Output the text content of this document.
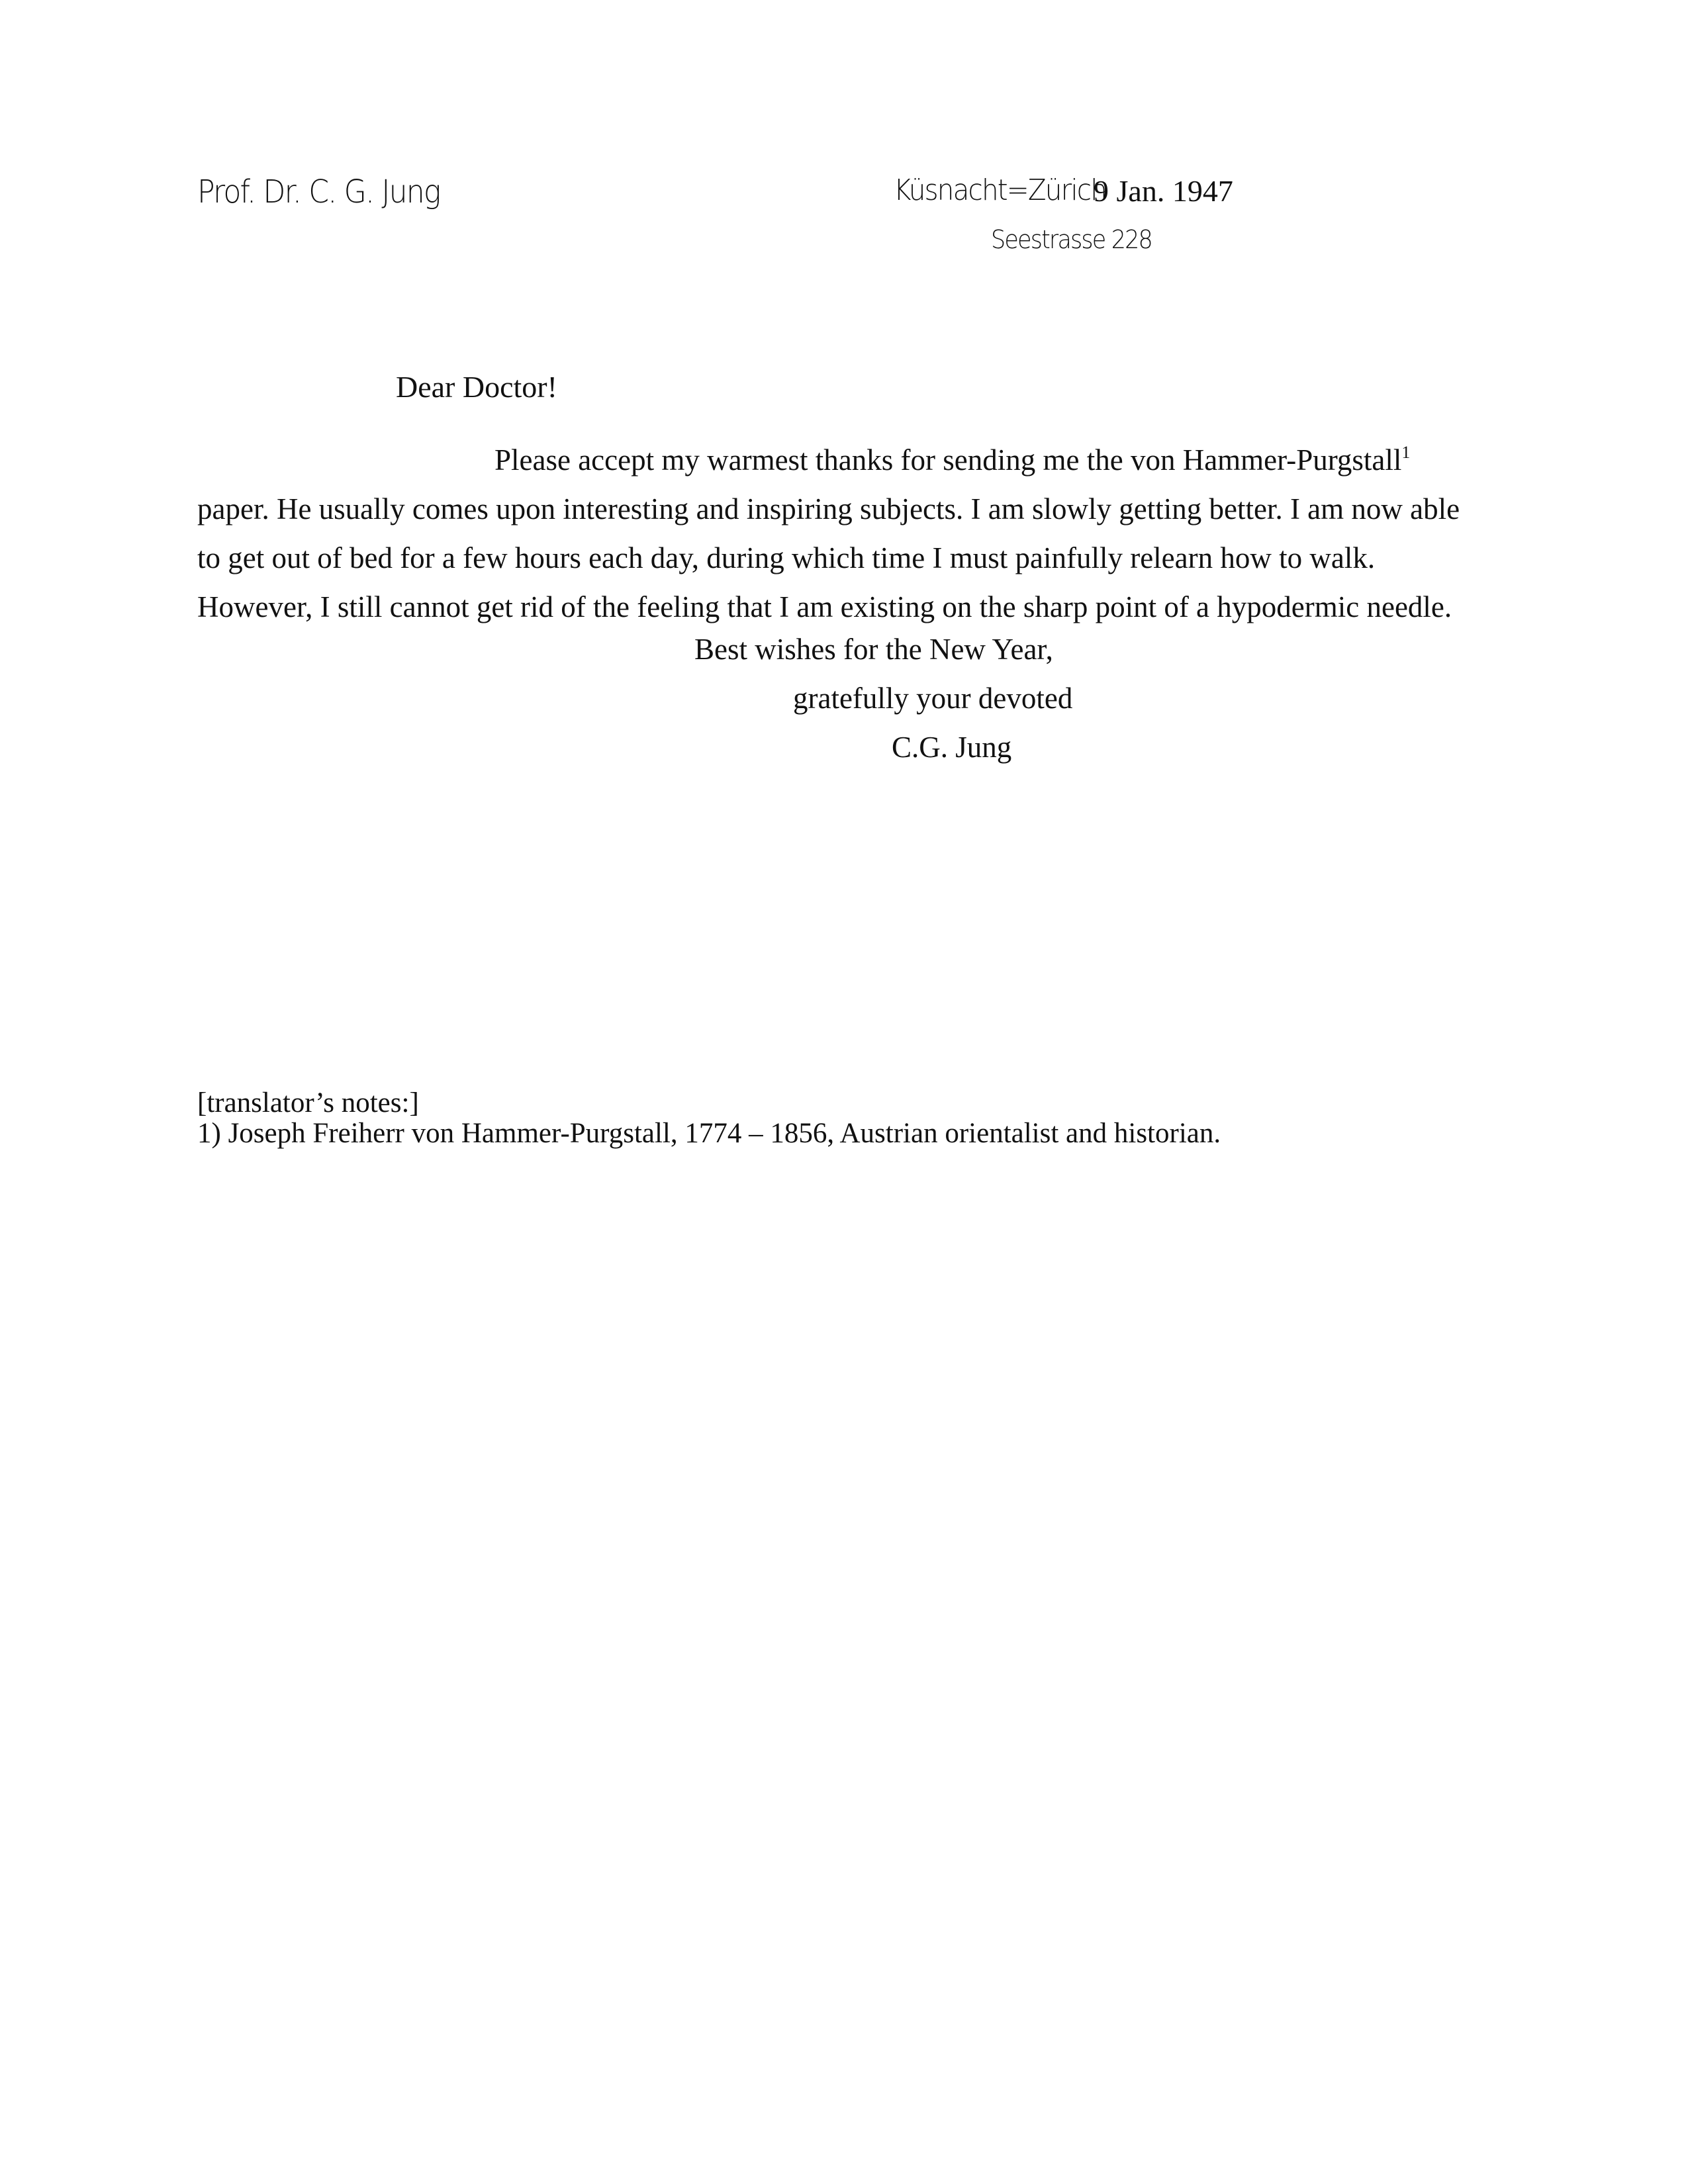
Prof. Dr. C. G. Jung	Küsnacht=Zürich
9 Jan. 1947
Seestrasse 228
Dear Doctor!
Please accept my warmest thanks for sending me the von Hammer-Purgstall$^1$
paper. He usually comes upon interesting and inspiring subjects. I am slowly getting better. I am now able
to get out of bed for a few hours each day, during which time I must painfully relearn how to walk.
However, I still cannot get rid of the feeling that I am existing on the sharp point of a hypodermic needle.
Best wishes for the New Year,
gratefully your devoted
C.G. Jung
[translator’s notes:]
1) Joseph Freiherr von Hammer-Purgstall, 1774 – 1856, Austrian orientalist and historian.
